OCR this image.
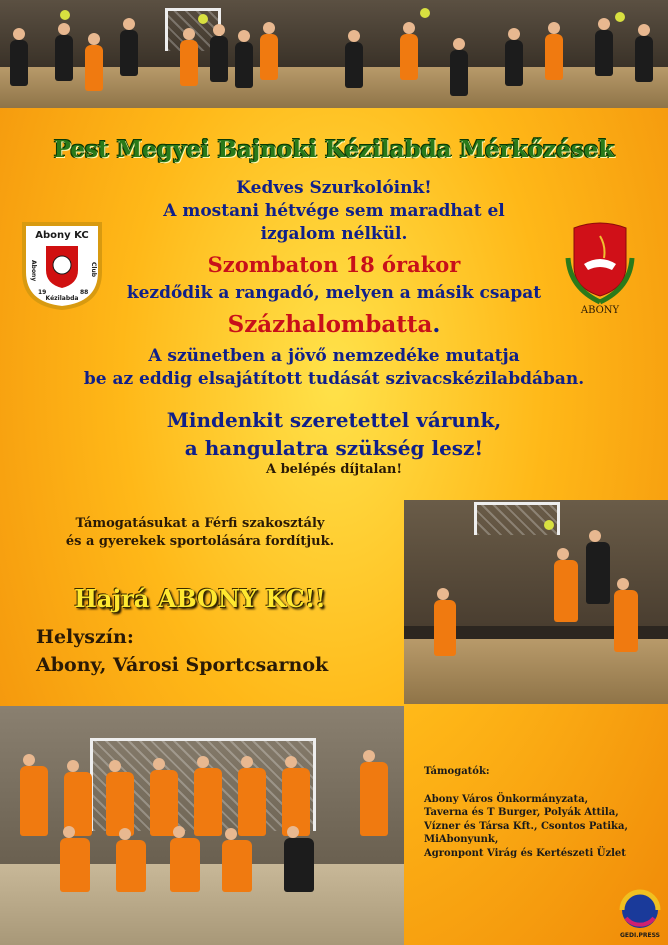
Pest Megyei Bajnoki Kézilabda Mérkőzések
Abony KC
Abony	Club
19	88
Kézilabda
ABONY
Kedves Szurkolóink!
A mostani hétvége sem maradhat el
izgalom nélkül.
Szombaton 18 órakor
kezdődik a rangadó, melyen a másik csapat
Százhalombatta.
A szünetben a jövő nemzedéke mutatja
be az eddig elsajátított tudását szivacskézilabdában.
Mindenkit szeretettel várunk,
a hangulatra szükség lesz!
A belépés díjtalan!
Támogatásukat a Férfi szakosztály
és a gyerekek sportolására fordítjuk.
Hajrá ABONY KC!!
Helyszín:
Abony, Városi Sportcsarnok
Támogatók:
Abony Város Önkormányzata,
Taverna és T Burger, Polyák Attila,
Vízner és Társa Kft., Csontos Patika,
MiAbonyunk,
Agronpont Virág és Kertészeti Üzlet
GEDI.PRESS
